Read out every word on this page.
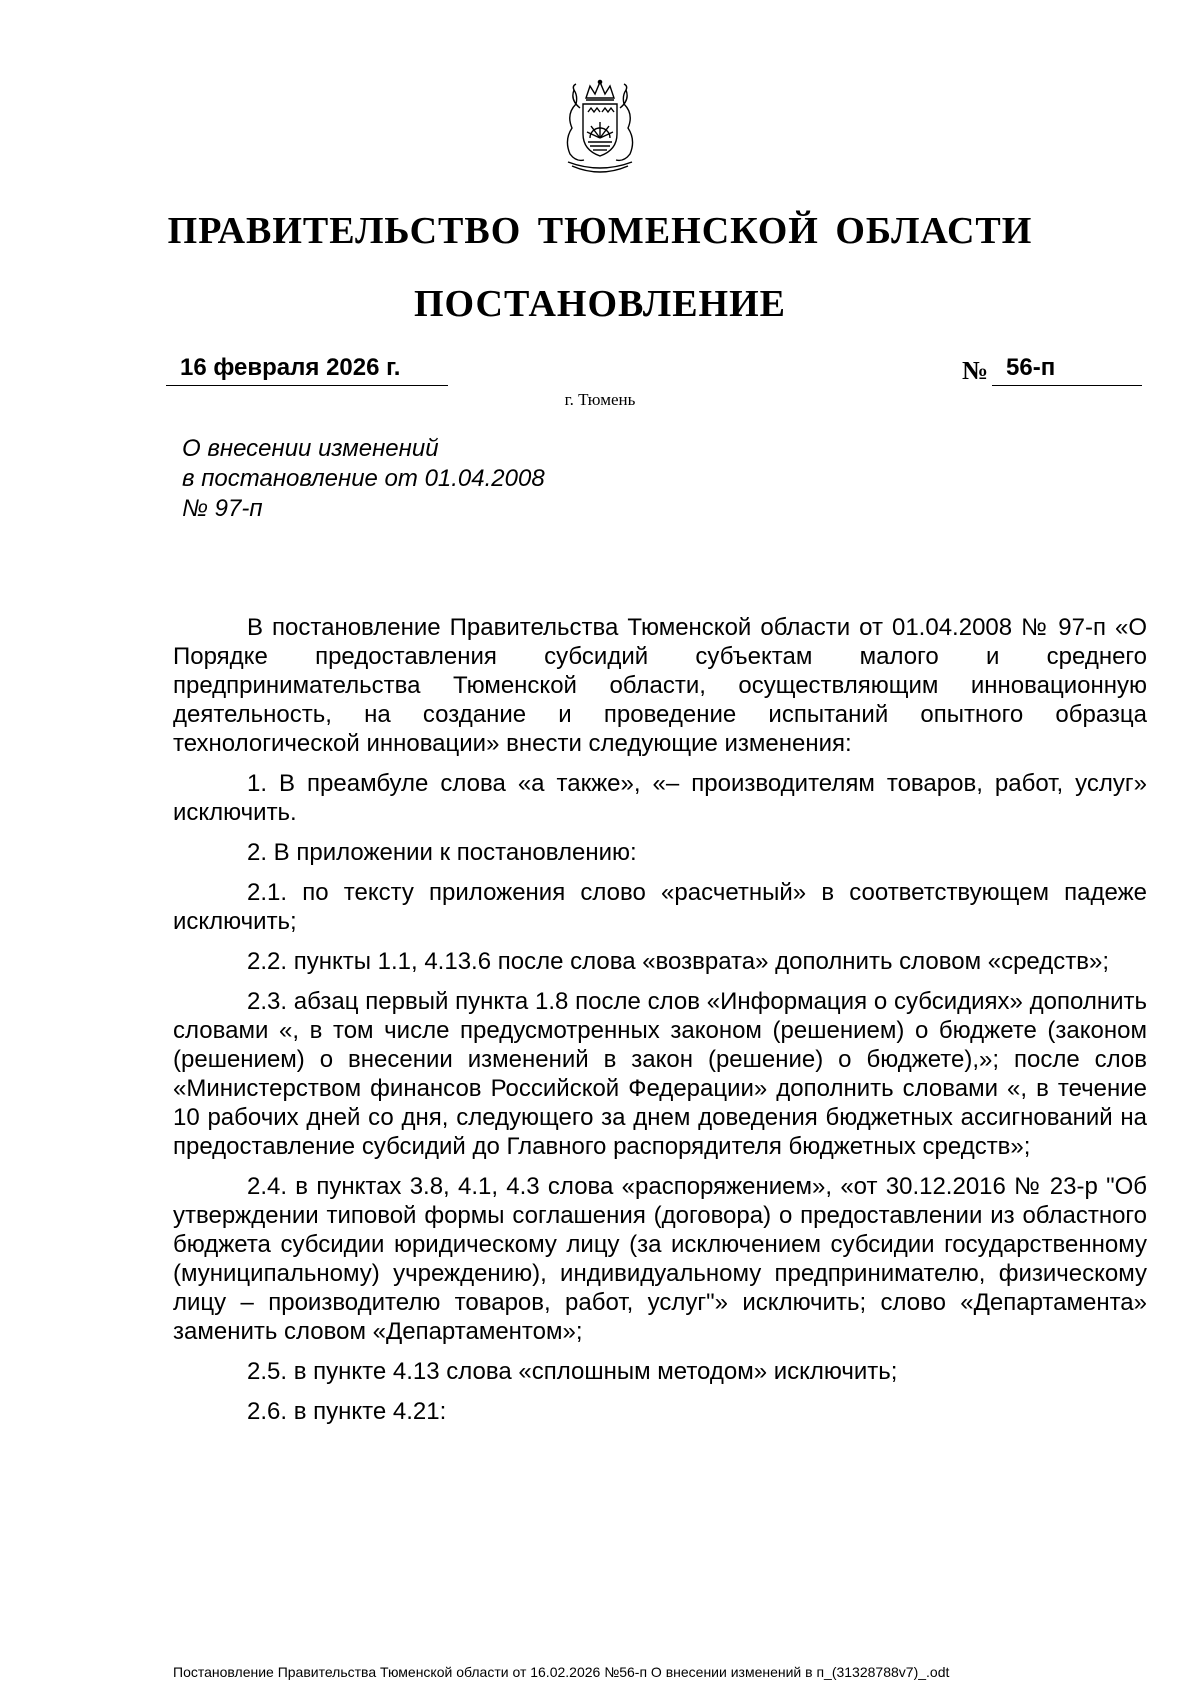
ПРАВИТЕЛЬСТВО ТЮМЕНСКОЙ ОБЛАСТИ
ПОСТАНОВЛЕНИЕ
16 февраля 2026 г.	№ 56-п
г. Тюмень
О внесении изменений
в постановление от 01.04.2008
№ 97-п

В постановление Правительства Тюменской области от 01.04.2008 № 97-п «О Порядке предоставления субсидий субъектам малого и среднего предпринимательства Тюменской области, осуществляющим инновационную деятельность, на создание и проведение испытаний опытного образца технологической инновации» внести следующие изменения:

1. В преамбуле слова «а также», «– производителям товаров, работ, услуг» исключить.

2. В приложении к постановлению:

2.1. по тексту приложения слово «расчетный» в соответствующем падеже исключить;

2.2. пункты 1.1, 4.13.6 после слова «возврата» дополнить словом «средств»;

2.3. абзац первый пункта 1.8 после слов «Информация о субсидиях» дополнить словами «, в том числе предусмотренных законом (решением) о бюджете (законом (решением) о внесении изменений в закон (решение) о бюджете),»; после слов «Министерством финансов Российской Федерации» дополнить словами «, в течение 10 рабочих дней со дня, следующего за днем доведения бюджетных ассигнований на предоставление субсидий до Главного распорядителя бюджетных средств»;

2.4. в пунктах 3.8, 4.1, 4.3 слова «распоряжением», «от 30.12.2016 № 23-р "Об утверждении типовой формы соглашения (договора) о предоставлении из областного бюджета субсидии юридическому лицу (за исключением субсидии государственному (муниципальному) учреждению), индивидуальному предпринимателю, физическому лицу – производителю товаров, работ, услуг"» исключить; слово «Департамента» заменить словом «Департаментом»;

2.5. в пункте 4.13 слова «сплошным методом» исключить;

2.6. в пункте 4.21:

Постановление Правительства Тюменской области от 16.02.2026 №56-п О внесении изменений в п_(31328788v7)_.odt
